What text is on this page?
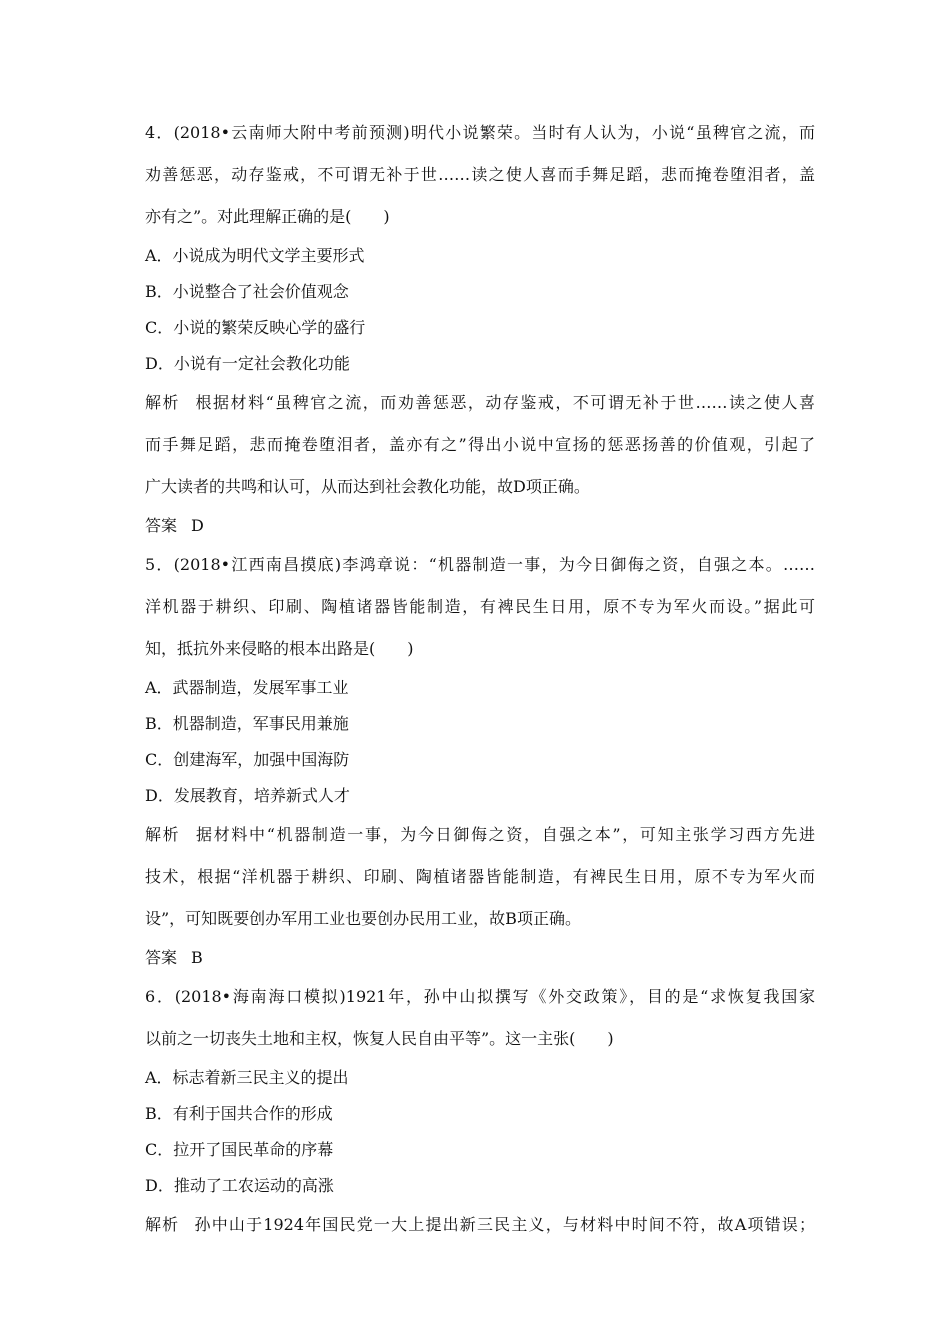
4．(2018•云南师大附中考前预测)明代小说繁荣。当时有人认为，小说“虽稗官之流，而
劝善惩恶，动存鉴戒，不可谓无补于世……读之使人喜而手舞足蹈，悲而掩卷堕泪者，盖
亦有之”。对此理解正确的是(　　)
A．小说成为明代文学主要形式
B．小说整合了社会价值观念
C．小说的繁荣反映心学的盛行
D．小说有一定社会教化功能
解析 根据材料“虽稗官之流，而劝善惩恶，动存鉴戒，不可谓无补于世……读之使人喜
而手舞足蹈，悲而掩卷堕泪者，盖亦有之”得出小说中宣扬的惩恶扬善的价值观，引起了
广大读者的共鸣和认可，从而达到社会教化功能，故D项正确。
答案 D
5．(2018•江西南昌摸底)李鸿章说：“机器制造一事，为今日御侮之资，自强之本。……
洋机器于耕织、印刷、陶植诸器皆能制造，有裨民生日用，原不专为军火而设。”据此可
知，抵抗外来侵略的根本出路是(　　)
A．武器制造，发展军事工业
B．机器制造，军事民用兼施
C．创建海军，加强中国海防
D．发展教育，培养新式人才
解析 据材料中“机器制造一事，为今日御侮之资，自强之本”，可知主张学习西方先进
技术，根据“洋机器于耕织、印刷、陶植诸器皆能制造，有裨民生日用，原不专为军火而
设”，可知既要创办军用工业也要创办民用工业，故B项正确。
答案 B
6．(2018•海南海口模拟)1921年，孙中山拟撰写《外交政策》，目的是“求恢复我国家
以前之一切丧失土地和主权，恢复人民自由平等”。这一主张(　　)
A．标志着新三民主义的提出
B．有利于国共合作的形成
C．拉开了国民革命的序幕
D．推动了工农运动的高涨
解析 孙中山于1924年国民党一大上提出新三民主义，与材料中时间不符，故A项错误；
